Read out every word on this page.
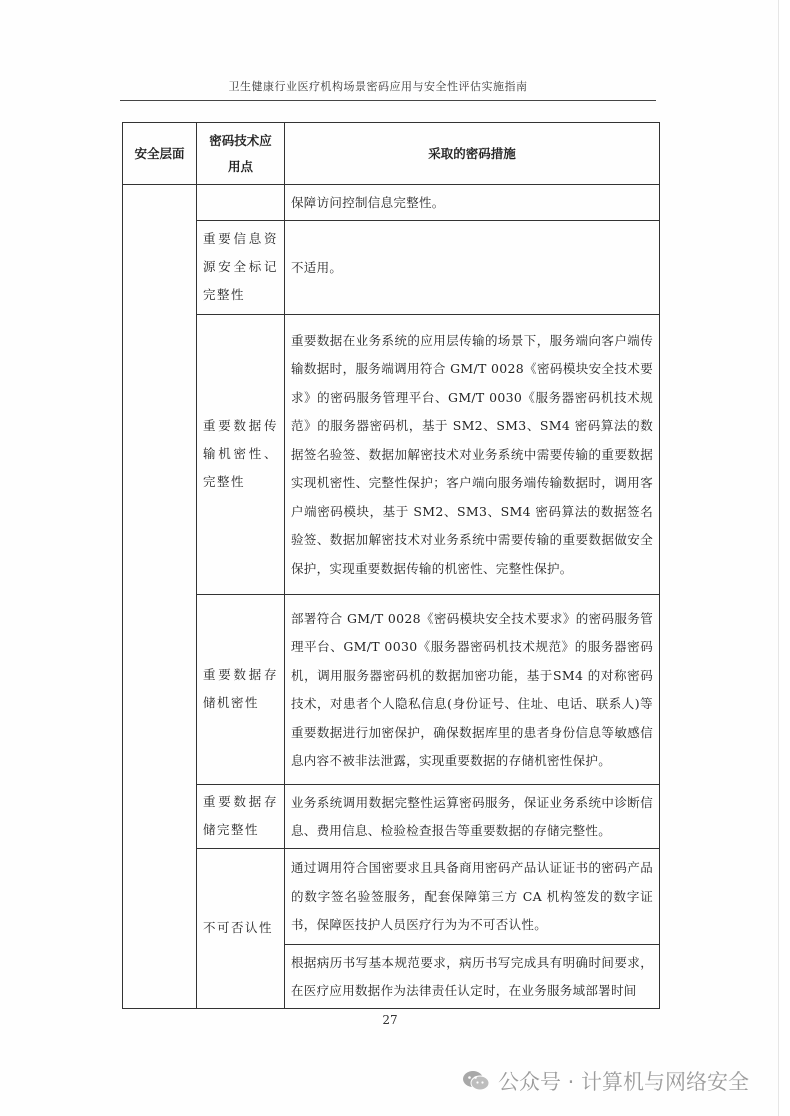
卫生健康行业医疗机构场景密码应用与安全性评估实施指南
安全层面	密码技术应用点	采取的密码措施
		保障访问控制信息完整性。
	重要信息资源安全标记完整性	不适用。
	重要数据传输机密性、完整性	重要数据在业务系统的应用层传输的场景下，服务端向客户端传输数据时，服务端调用符合 GM/T 0028《密码模块安全技术要求》的密码服务管理平台、GM/T 0030《服务器密码机技术规范》的服务器密码机，基于 SM2、SM3、SM4 密码算法的数据签名验签、数据加解密技术对业务系统中需要传输的重要数据实现机密性、完整性保护；客户端向服务端传输数据时，调用客户端密码模块，基于 SM2、SM3、SM4 密码算法的数据签名验签、数据加解密技术对业务系统中需要传输的重要数据做安全保护，实现重要数据传输的机密性、完整性保护。
	重要数据存储机密性	部署符合 GM/T 0028《密码模块安全技术要求》的密码服务管理平台、GM/T 0030《服务器密码机技术规范》的服务器密码机，调用服务器密码机的数据加密功能，基于SM4 的对称密码技术，对患者个人隐私信息(身份证号、住址、电话、联系人)等重要数据进行加密保护，确保数据库里的患者身份信息等敏感信息内容不被非法泄露，实现重要数据的存储机密性保护。
	重要数据存储完整性	业务系统调用数据完整性运算密码服务，保证业务系统中诊断信息、费用信息、检验检查报告等重要数据的存储完整性。
	不可否认性	通过调用符合国密要求且具备商用密码产品认证证书的密码产品的数字签名验签服务，配套保障第三方 CA 机构签发的数字证书，保障医技护人员医疗行为为不可否认性。
		根据病历书写基本规范要求，病历书写完成具有明确时间要求，在医疗应用数据作为法律责任认定时，在业务服务域部署时间
27
公众号 · 计算机与网络安全
